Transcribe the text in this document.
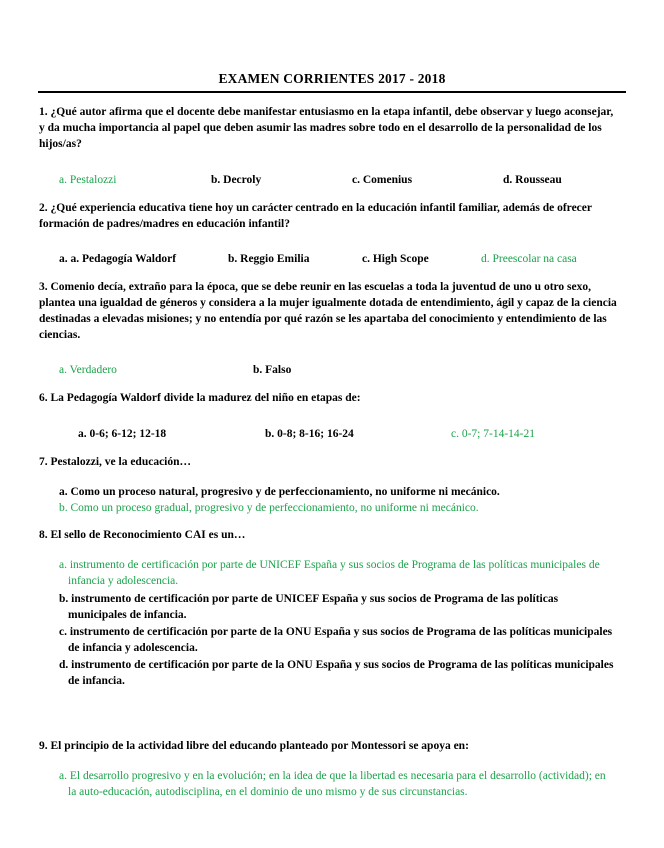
EXAMEN CORRIENTES 2017 - 2018
1. ¿Qué autor afirma que el docente debe manifestar entusiasmo en la etapa infantil, debe observar y luego aconsejar, y da mucha importancia al papel que deben asumir las madres sobre todo en el desarrollo de la personalidad de los hijos/as?
a. Pestalozzi	b. Decroly	c. Comenius	d. Rousseau
2. ¿Qué experiencia educativa tiene hoy un carácter centrado en la educación infantil familiar, además de ofrecer formación de padres/madres en educación infantil?
a. a. Pedagogía Waldorf	b. Reggio Emilia	c. High Scope	d. Preescolar na casa
3. Comenio decía, extraño para la época, que se debe reunir en las escuelas a toda la juventud de uno u otro sexo, plantea una igualdad de géneros y considera a la mujer igualmente dotada de entendimiento, ágil y capaz de la ciencia destinadas a elevadas misiones; y no entendía por qué razón se les apartaba del conocimiento y entendimiento de las ciencias.
a. Verdadero	b. Falso
6. La Pedagogía Waldorf divide la madurez del niño en etapas de:
a. 0-6; 6-12; 12-18	b. 0-8; 8-16; 16-24	c. 0-7; 7-14-14-21
7. Pestalozzi, ve la educación…
a. Como un proceso natural, progresivo y de perfeccionamiento, no uniforme ni mecánico.
b. Como un proceso gradual, progresivo y de perfeccionamiento, no uniforme ni mecánico.
8. El sello de Reconocimiento CAI es un…
a. instrumento de certificación por parte de UNICEF España y sus socios de Programa de las políticas municipales de infancia y adolescencia.
b. instrumento de certificación por parte de UNICEF España y sus socios de Programa de las políticas municipales de infancia.
c. instrumento de certificación por parte de la ONU España y sus socios de Programa de las políticas municipales de infancia y adolescencia.
d. instrumento de certificación por parte de la ONU España y sus socios de Programa de las políticas municipales de infancia.
9. El principio de la actividad libre del educando planteado por Montessori se apoya en:
a. El desarrollo progresivo y en la evolución; en la idea de que la libertad es necesaria para el desarrollo (actividad); en la auto-educación, autodisciplina, en el dominio de uno mismo y de sus circunstancias.
